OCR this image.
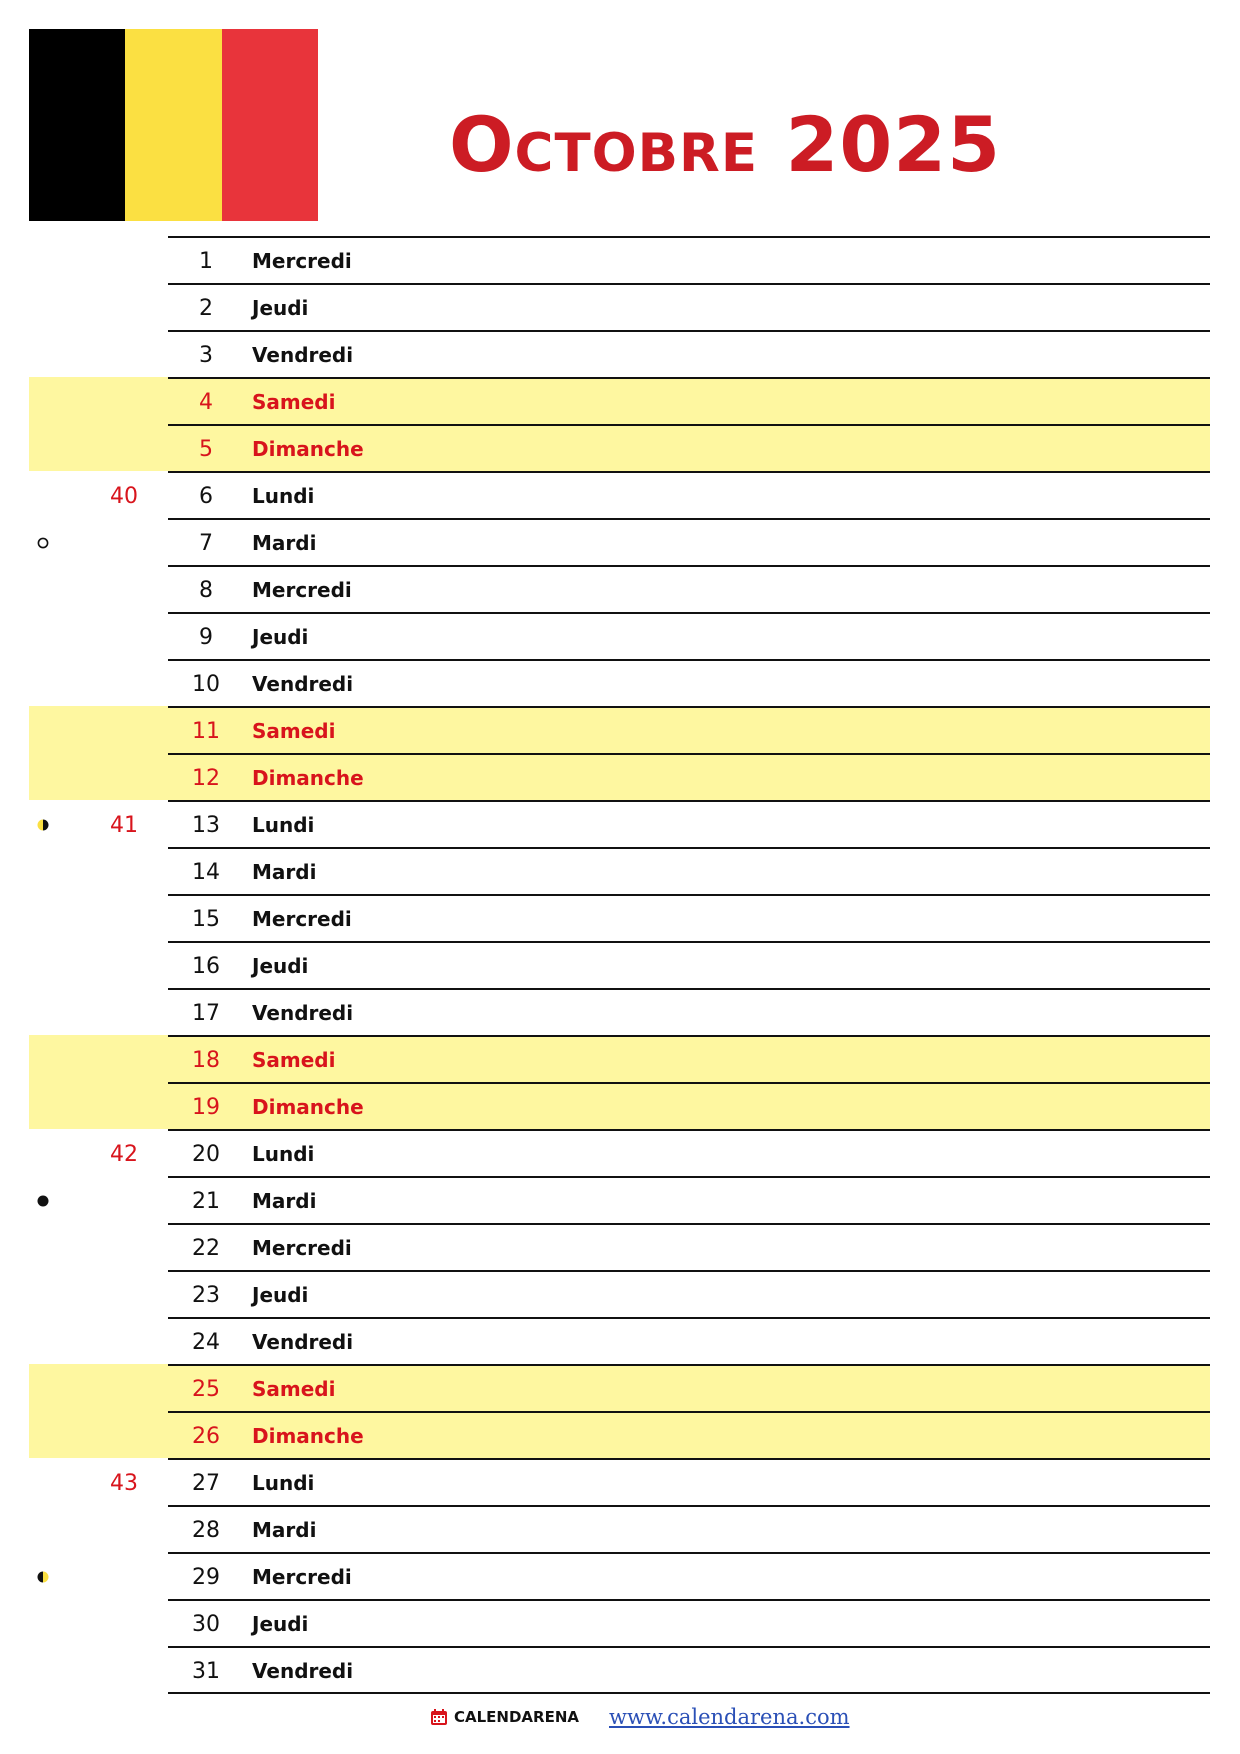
Octobre 2025
1	Mercredi
2	Jeudi
3	Vendredi
4	Samedi
5	Dimanche
40	6	Lundi
7	Mardi
8	Mercredi
9	Jeudi
10	Vendredi
11	Samedi
12	Dimanche
41	13	Lundi
14	Mardi
15	Mercredi
16	Jeudi
17	Vendredi
18	Samedi
19	Dimanche
42	20	Lundi
21	Mardi
22	Mercredi
23	Jeudi
24	Vendredi
25	Samedi
26	Dimanche
43	27	Lundi
28	Mardi
29	Mercredi
30	Jeudi
31	Vendredi
CALENDARENA www.calendarena.com
